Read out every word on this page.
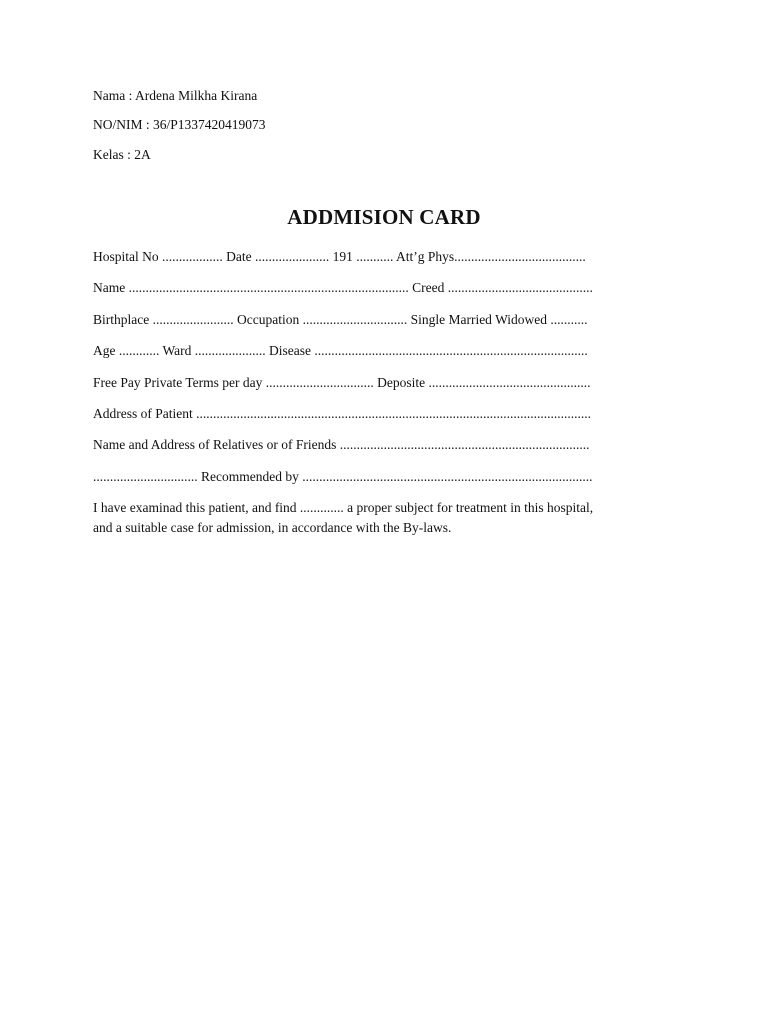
Nama : Ardena Milkha Kirana
NO/NIM : 36/P1337420419073
Kelas : 2A
ADDMISION CARD
Hospital No .................. Date ...................... 191 ........... Att’g Phys.......................................
Name ................................................................................... Creed ...........................................
Birthplace ........................ Occupation ............................... Single Married Widowed ...........
Age ............ Ward ..................... Disease .................................................................................
Free Pay Private Terms per day ................................ Deposite ................................................
Address of Patient .....................................................................................................................
Name and Address of Relatives or of Friends ..........................................................................
............................... Recommended by ......................................................................................
I have examinad this patient, and find ............. a proper subject for treatment in this hospital,
and a suitable case for admission, in accordance with the By-laws.
